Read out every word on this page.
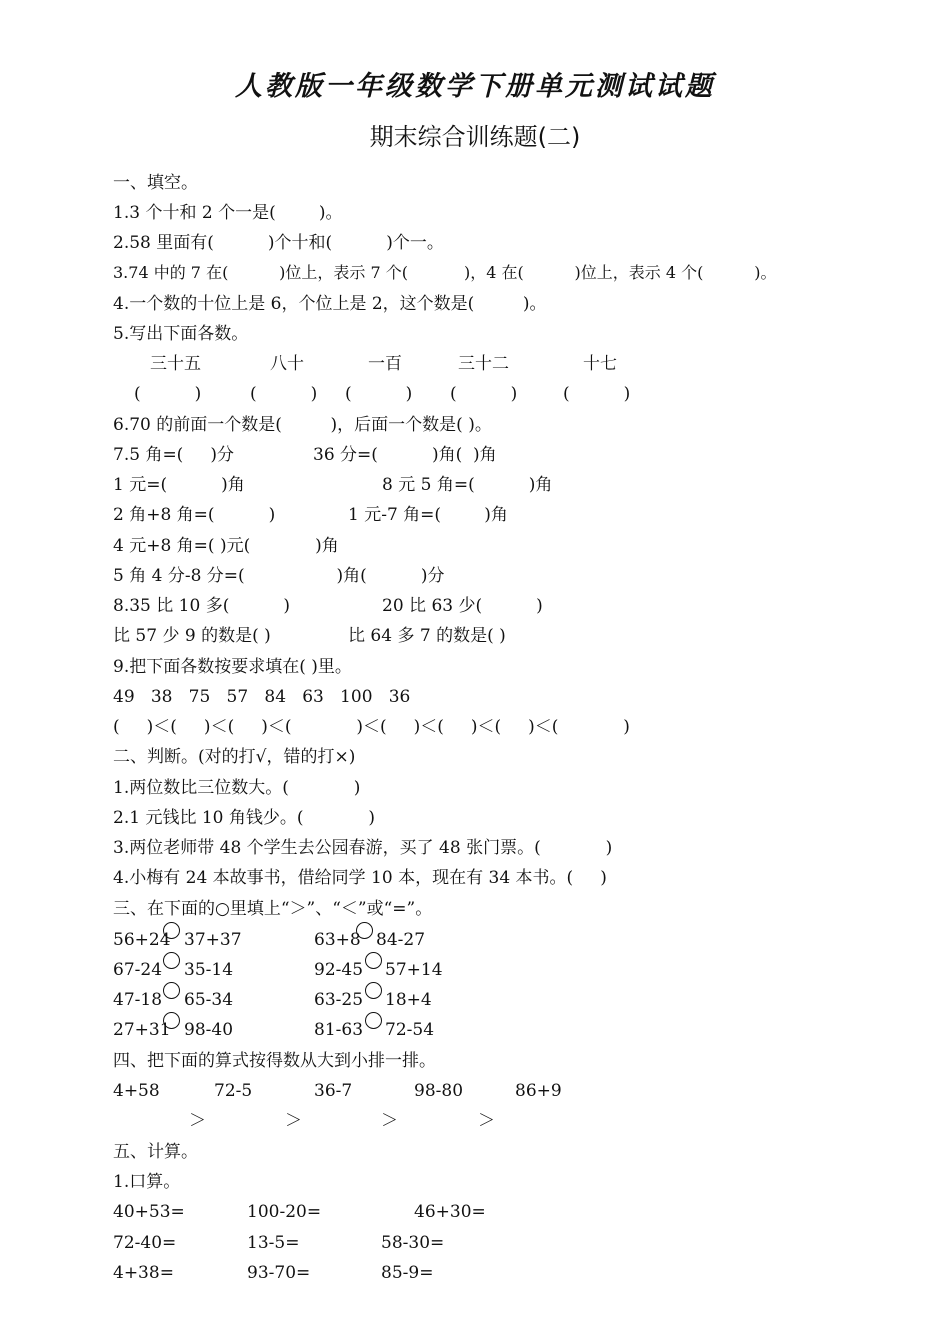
人教版一年级数学下册单元测试试题
期末综合训练题(二)
一、填空。
1.3 个十和 2 个一是(        )。
2.58 里面有(          )个十和(          )个一。
3.74 中的 7 在(          )位上，表示 7 个(           )，4 在(          )位上，表示 4 个(          )。
4.一个数的十位上是 6，个位上是 2，这个数是(         )。
5.写出下面各数。
三十五	八十	一百	三十二	十七
(          )	(          ) (          ) (          )	(          )
6.70 的前面一个数是(         )，后面一个数是( )。
7.5 角=(     )分	36 分=(          )角(  )角
1 元=(          )角	8 元 5 角=(          )角
2 角+8 角=(          )	1 元-7 角=(        )角
4 元+8 角=( )元(            )角
5 角 4 分-8 分=(                 )角(          )分
8.35 比 10 多(          )	20 比 63 少(          )
比 57 少 9 的数是( )	比 64 多 7 的数是( )
9.把下面各数按要求填在( )里。
49   38   75   57   84   63   100   36
(     )＜(     )＜(     )＜(            )＜(     )＜(     )＜(     )＜(            )
二、判断。(对的打√，错的打×)
1.两位数比三位数大。(            )
2.1 元钱比 10 角钱少。(            )
3.两位老师带 48 个学生去公园春游，买了 48 张门票。(            )
4.小梅有 24 本故事书，借给同学 10 本，现在有 34 本书。(     )
三、在下面的○里填上“＞”、“＜”或“=”。
56+24 37+37	63+8 84-27
67-24 35-14	92-45 57+14
47-18 65-34	63-25 18+4
27+31 98-40	81-63 72-54
四、把下面的算式按得数从大到小排一排。
4+58	72-5	36-7	98-80	86+9
＞	＞	＞	＞
五、计算。
1.口算。
40+53=	100-20=	46+30=
72-40=	13-5=	58-30=
4+38=	93-70=	85-9=
